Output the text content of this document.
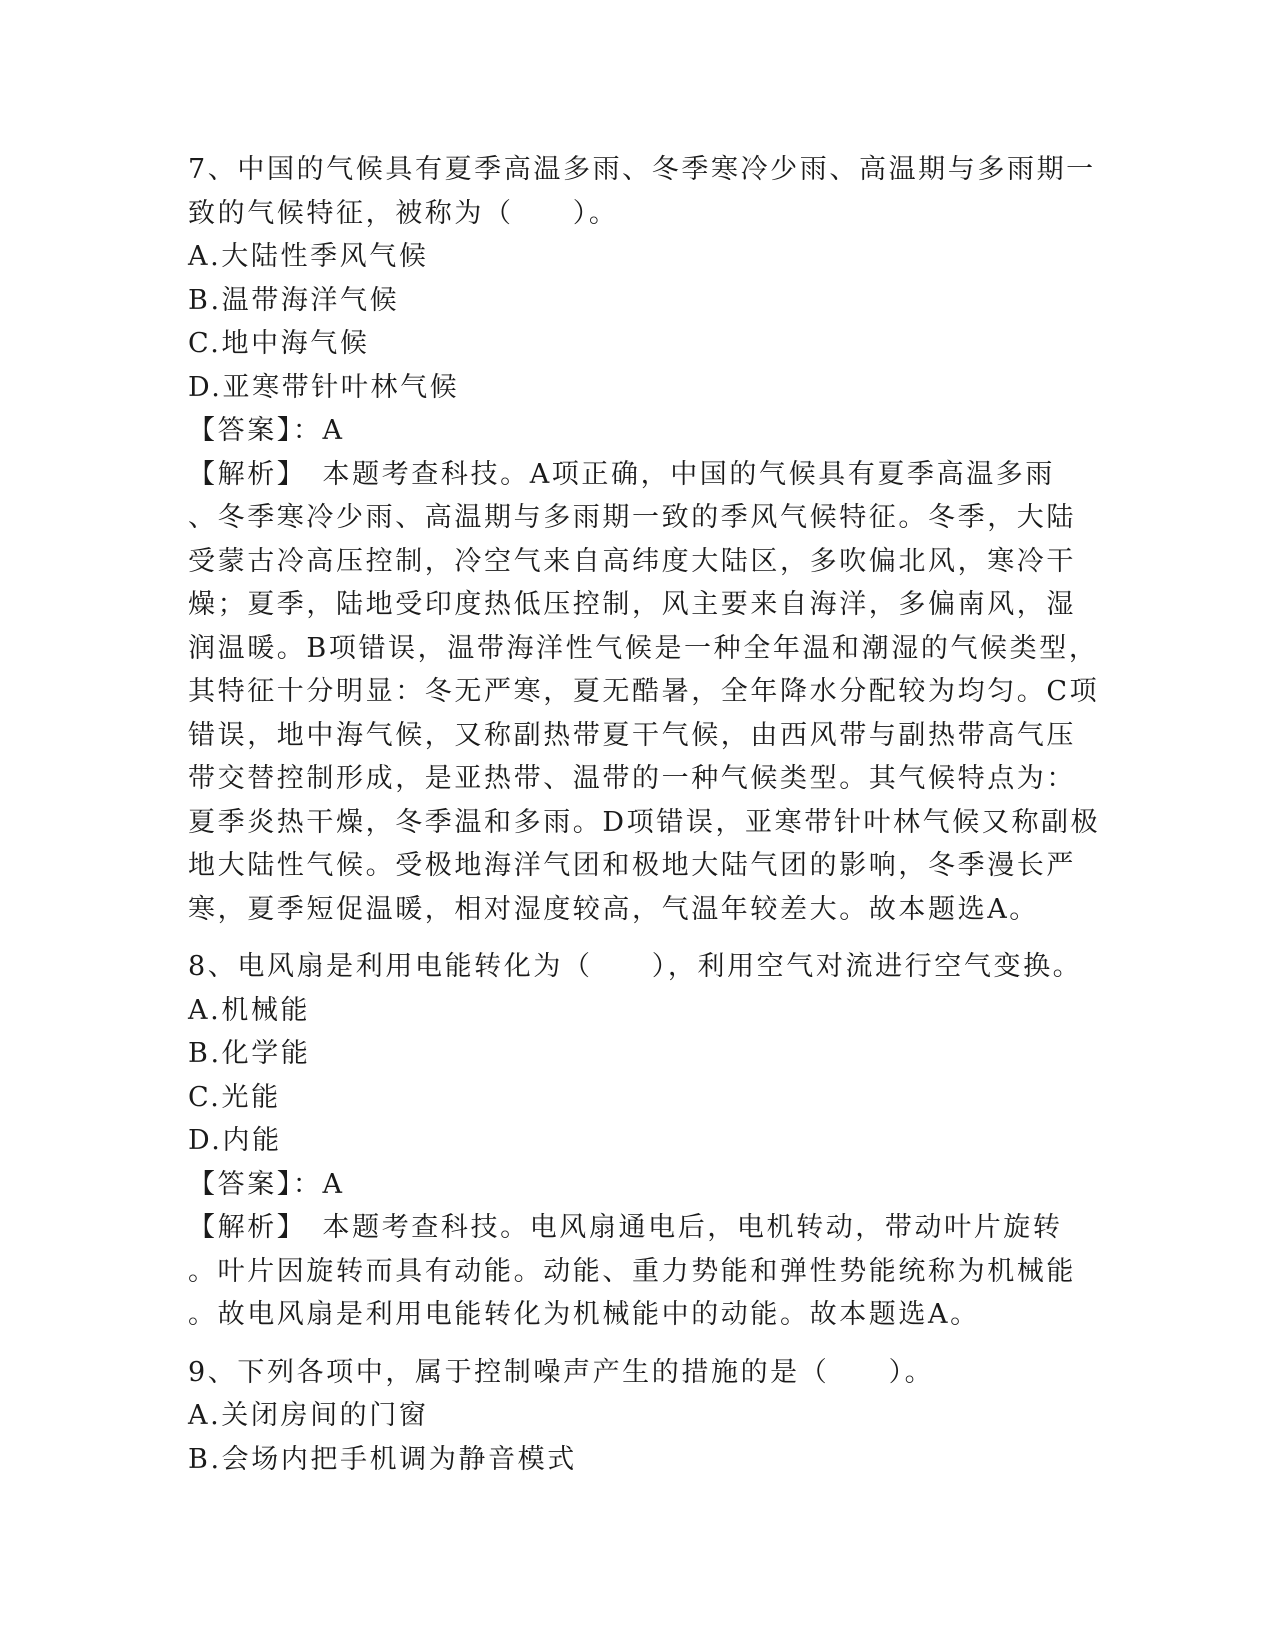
7、中国的气候具有夏季高温多雨、冬季寒冷少雨、高温期与多雨期一
致的气候特征，被称为（　　）。
A.大陆性季风气候
B.温带海洋气候
C.地中海气候
D.亚寒带针叶林气候
【答案】：A
【解析】　本题考查科技。A项正确，中国的气候具有夏季高温多雨
、冬季寒冷少雨、高温期与多雨期一致的季风气候特征。冬季，大陆
受蒙古冷高压控制，冷空气来自高纬度大陆区，多吹偏北风，寒冷干
燥；夏季，陆地受印度热低压控制，风主要来自海洋，多偏南风，湿
润温暖。B项错误，温带海洋性气候是一种全年温和潮湿的气候类型，
其特征十分明显：冬无严寒，夏无酷暑，全年降水分配较为均匀。C项
错误，地中海气候，又称副热带夏干气候，由西风带与副热带高气压
带交替控制形成，是亚热带、温带的一种气候类型。其气候特点为：
夏季炎热干燥，冬季温和多雨。D项错误，亚寒带针叶林气候又称副极
地大陆性气候。受极地海洋气团和极地大陆气团的影响，冬季漫长严
寒，夏季短促温暖，相对湿度较高，气温年较差大。故本题选A。
8、电风扇是利用电能转化为（　　），利用空气对流进行空气变换。
A.机械能
B.化学能
C.光能
D.内能
【答案】：A
【解析】　本题考查科技。电风扇通电后，电机转动，带动叶片旋转
。叶片因旋转而具有动能。动能、重力势能和弹性势能统称为机械能
。故电风扇是利用电能转化为机械能中的动能。故本题选A。
9、下列各项中，属于控制噪声产生的措施的是（　　）。
A.关闭房间的门窗
B.会场内把手机调为静音模式
